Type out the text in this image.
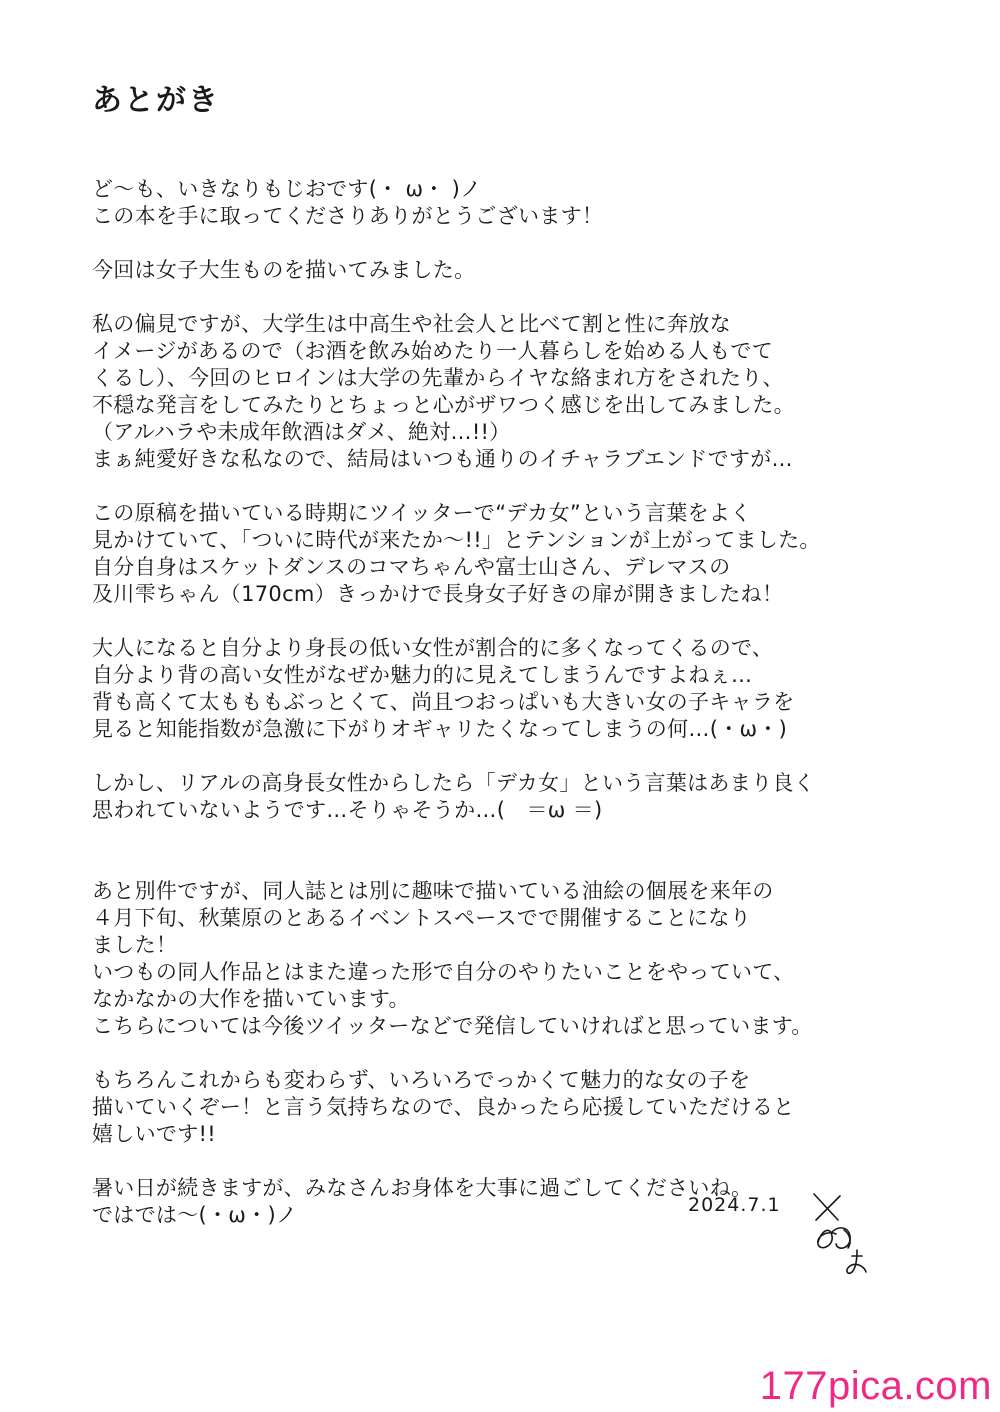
あとがき
ど～も、いきなりもじおです(・ ω・ )ノ
この本を手に取ってくださりありがとうございます！
今回は女子大生ものを描いてみました。
私の偏見ですが、大学生は中高生や社会人と比べて割と性に奔放な
イメージがあるので（お酒を飲み始めたり一人暮らしを始める人もでて
くるし）、今回のヒロインは大学の先輩からイヤな絡まれ方をされたり、
不穏な発言をしてみたりとちょっと心がザワつく感じを出してみました。
（アルハラや未成年飲酒はダメ、絶対…!!）
まぁ純愛好きな私なので、結局はいつも通りのイチャラブエンドですが…
この原稿を描いている時期にツイッターで“デカ女”という言葉をよく
見かけていて、「ついに時代が来たか～!!」とテンションが上がってました。
自分自身はスケットダンスのコマちゃんや富士山さん、デレマスの
及川雫ちゃん（170cm）きっかけで長身女子好きの扉が開きましたね！
大人になると自分より身長の低い女性が割合的に多くなってくるので、
自分より背の高い女性がなぜか魅力的に見えてしまうんですよねぇ…
背も高くて太もももぶっとくて、尚且つおっぱいも大きい女の子キャラを
見ると知能指数が急激に下がりオギャリたくなってしまうの何…(・ω・)
しかし、リアルの高身長女性からしたら「デカ女」という言葉はあまり良く
思われていないようです…そりゃそうか…(　＝ω ＝)
あと別件ですが、同人誌とは別に趣味で描いている油絵の個展を来年の
４月下旬、秋葉原のとあるイベントスペースでで開催することになり
ました！
いつもの同人作品とはまた違った形で自分のやりたいことをやっていて、
なかなかの大作を描いています。
こちらについては今後ツイッターなどで発信していければと思っています。
もちろんこれからも変わらず、いろいろでっかくて魅力的な女の子を
描いていくぞー！と言う気持ちなので、良かったら応援していただけると
嬉しいです!!
暑い日が続きますが、みなさんお身体を大事に過ごしてくださいね。
ではでは～(・ω・)ノ	2024.7.1
177pica.com
